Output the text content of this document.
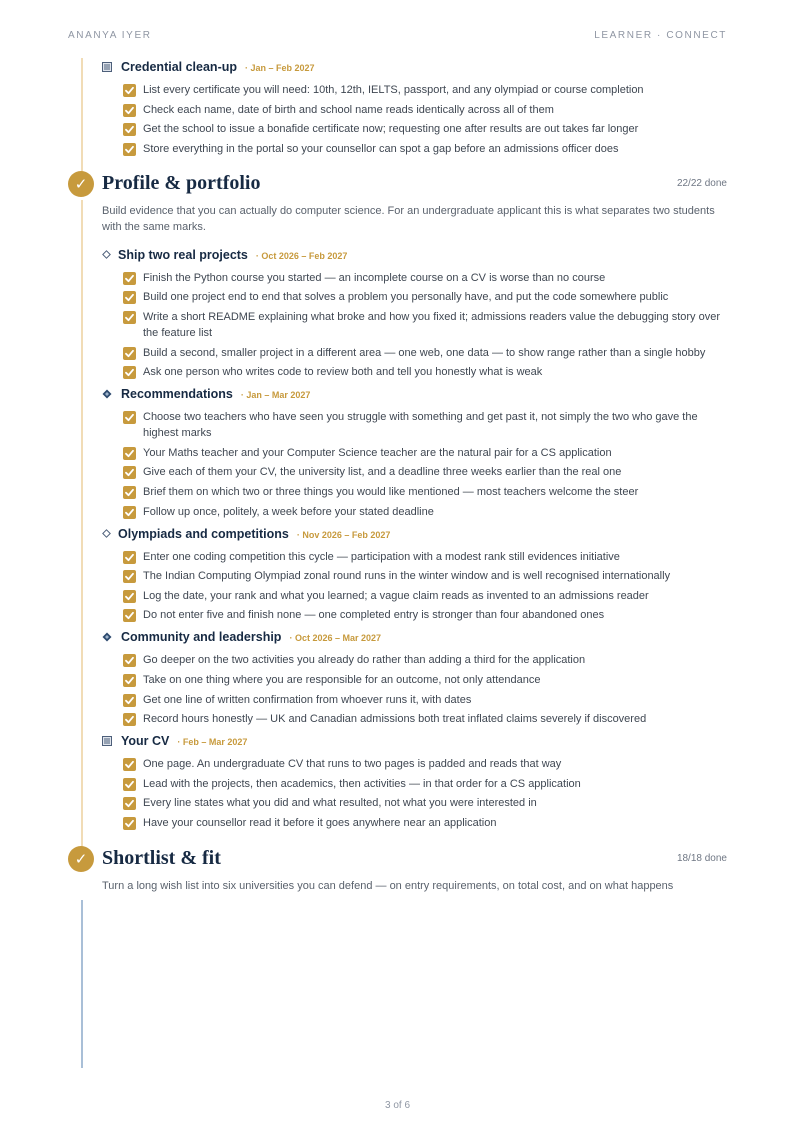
ANANYA IYER	LEARNER · CONNECT
Credential clean-up · Jan – Feb 2027
List every certificate you will need: 10th, 12th, IELTS, passport, and any olympiad or course completion
Check each name, date of birth and school name reads identically across all of them
Get the school to issue a bonafide certificate now; requesting one after results are out takes far longer
Store everything in the portal so your counsellor can spot a gap before an admissions officer does
✓ Profile & portfolio	22/22 done
Build evidence that you can actually do computer science. For an undergraduate applicant this is what separates two students with the same marks.
Ship two real projects · Oct 2026 – Feb 2027
Finish the Python course you started — an incomplete course on a CV is worse than no course
Build one project end to end that solves a problem you personally have, and put the code somewhere public
Write a short README explaining what broke and how you fixed it; admissions readers value the debugging story over the feature list
Build a second, smaller project in a different area — one web, one data — to show range rather than a single hobby
Ask one person who writes code to review both and tell you honestly what is weak
Recommendations · Jan – Mar 2027
Choose two teachers who have seen you struggle with something and get past it, not simply the two who gave the highest marks
Your Maths teacher and your Computer Science teacher are the natural pair for a CS application
Give each of them your CV, the university list, and a deadline three weeks earlier than the real one
Brief them on which two or three things you would like mentioned — most teachers welcome the steer
Follow up once, politely, a week before your stated deadline
Olympiads and competitions · Nov 2026 – Feb 2027
Enter one coding competition this cycle — participation with a modest rank still evidences initiative
The Indian Computing Olympiad zonal round runs in the winter window and is well recognised internationally
Log the date, your rank and what you learned; a vague claim reads as invented to an admissions reader
Do not enter five and finish none — one completed entry is stronger than four abandoned ones
Community and leadership · Oct 2026 – Mar 2027
Go deeper on the two activities you already do rather than adding a third for the application
Take on one thing where you are responsible for an outcome, not only attendance
Get one line of written confirmation from whoever runs it, with dates
Record hours honestly — UK and Canadian admissions both treat inflated claims severely if discovered
Your CV · Feb – Mar 2027
One page. An undergraduate CV that runs to two pages is padded and reads that way
Lead with the projects, then academics, then activities — in that order for a CS application
Every line states what you did and what resulted, not what you were interested in
Have your counsellor read it before it goes anywhere near an application
✓ Shortlist & fit	18/18 done
Turn a long wish list into six universities you can defend — on entry requirements, on total cost, and on what happens
3 of 6
